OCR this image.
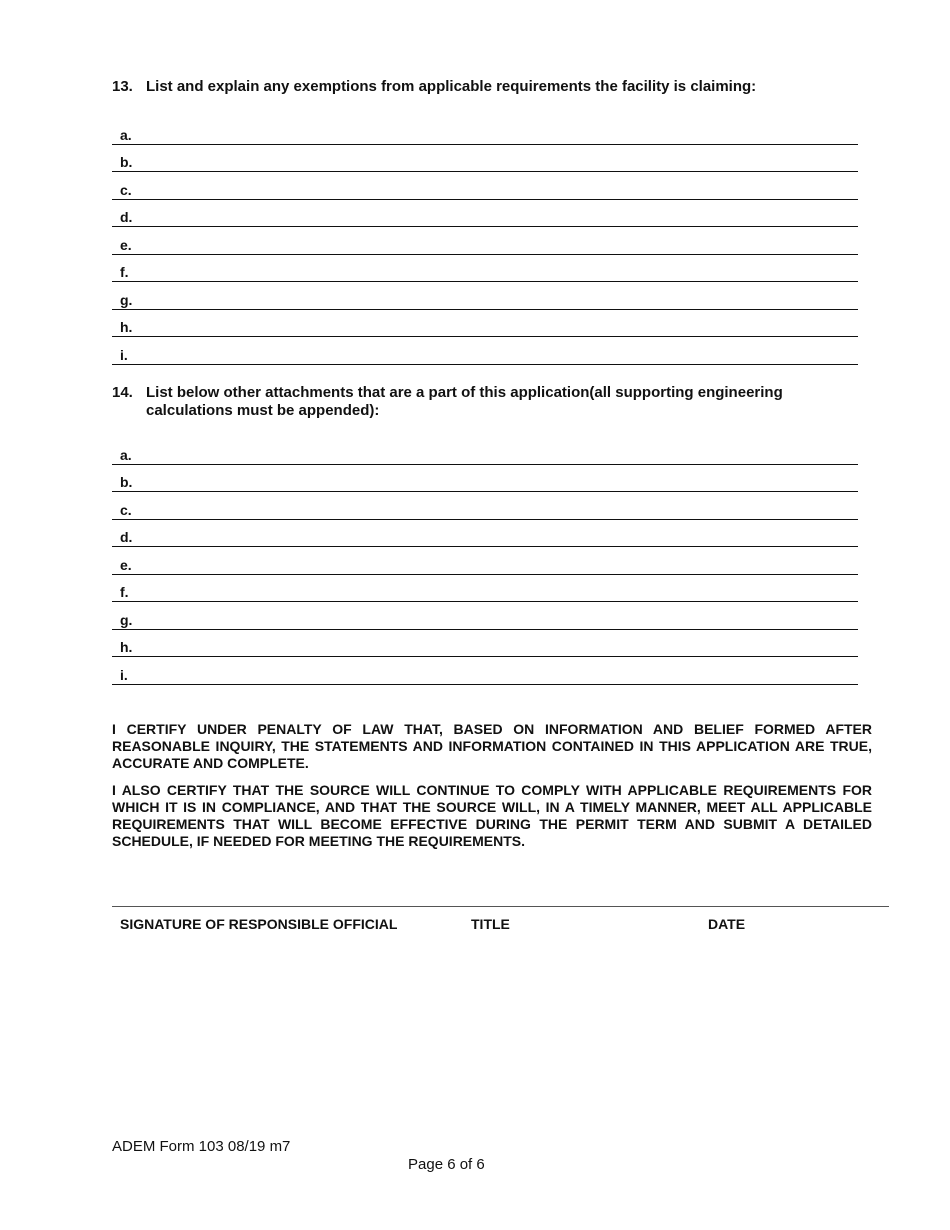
13. List and explain any exemptions from applicable requirements the facility is claiming:
a.
b.
c.
d.
e.
f.
g.
h.
i.
14. List below other attachments that are a part of this application(all supporting engineering calculations must be appended):
a.
b.
c.
d.
e.
f.
g.
h.
i.

I CERTIFY UNDER PENALTY OF LAW THAT, BASED ON INFORMATION AND BELIEF FORMED AFTER REASONABLE INQUIRY, THE STATEMENTS AND INFORMATION CONTAINED IN THIS APPLICATION ARE TRUE, ACCURATE AND COMPLETE.

I ALSO CERTIFY THAT THE SOURCE WILL CONTINUE TO COMPLY WITH APPLICABLE REQUIREMENTS FOR WHICH IT IS IN COMPLIANCE, AND THAT THE SOURCE WILL, IN A TIMELY MANNER, MEET ALL APPLICABLE REQUIREMENTS THAT WILL BECOME EFFECTIVE DURING THE PERMIT TERM AND SUBMIT A DETAILED SCHEDULE, IF NEEDED FOR MEETING THE REQUIREMENTS.

SIGNATURE OF RESPONSIBLE OFFICIAL	TITLE	DATE
ADEM Form 103 08/19 m7
Page 6 of 6
